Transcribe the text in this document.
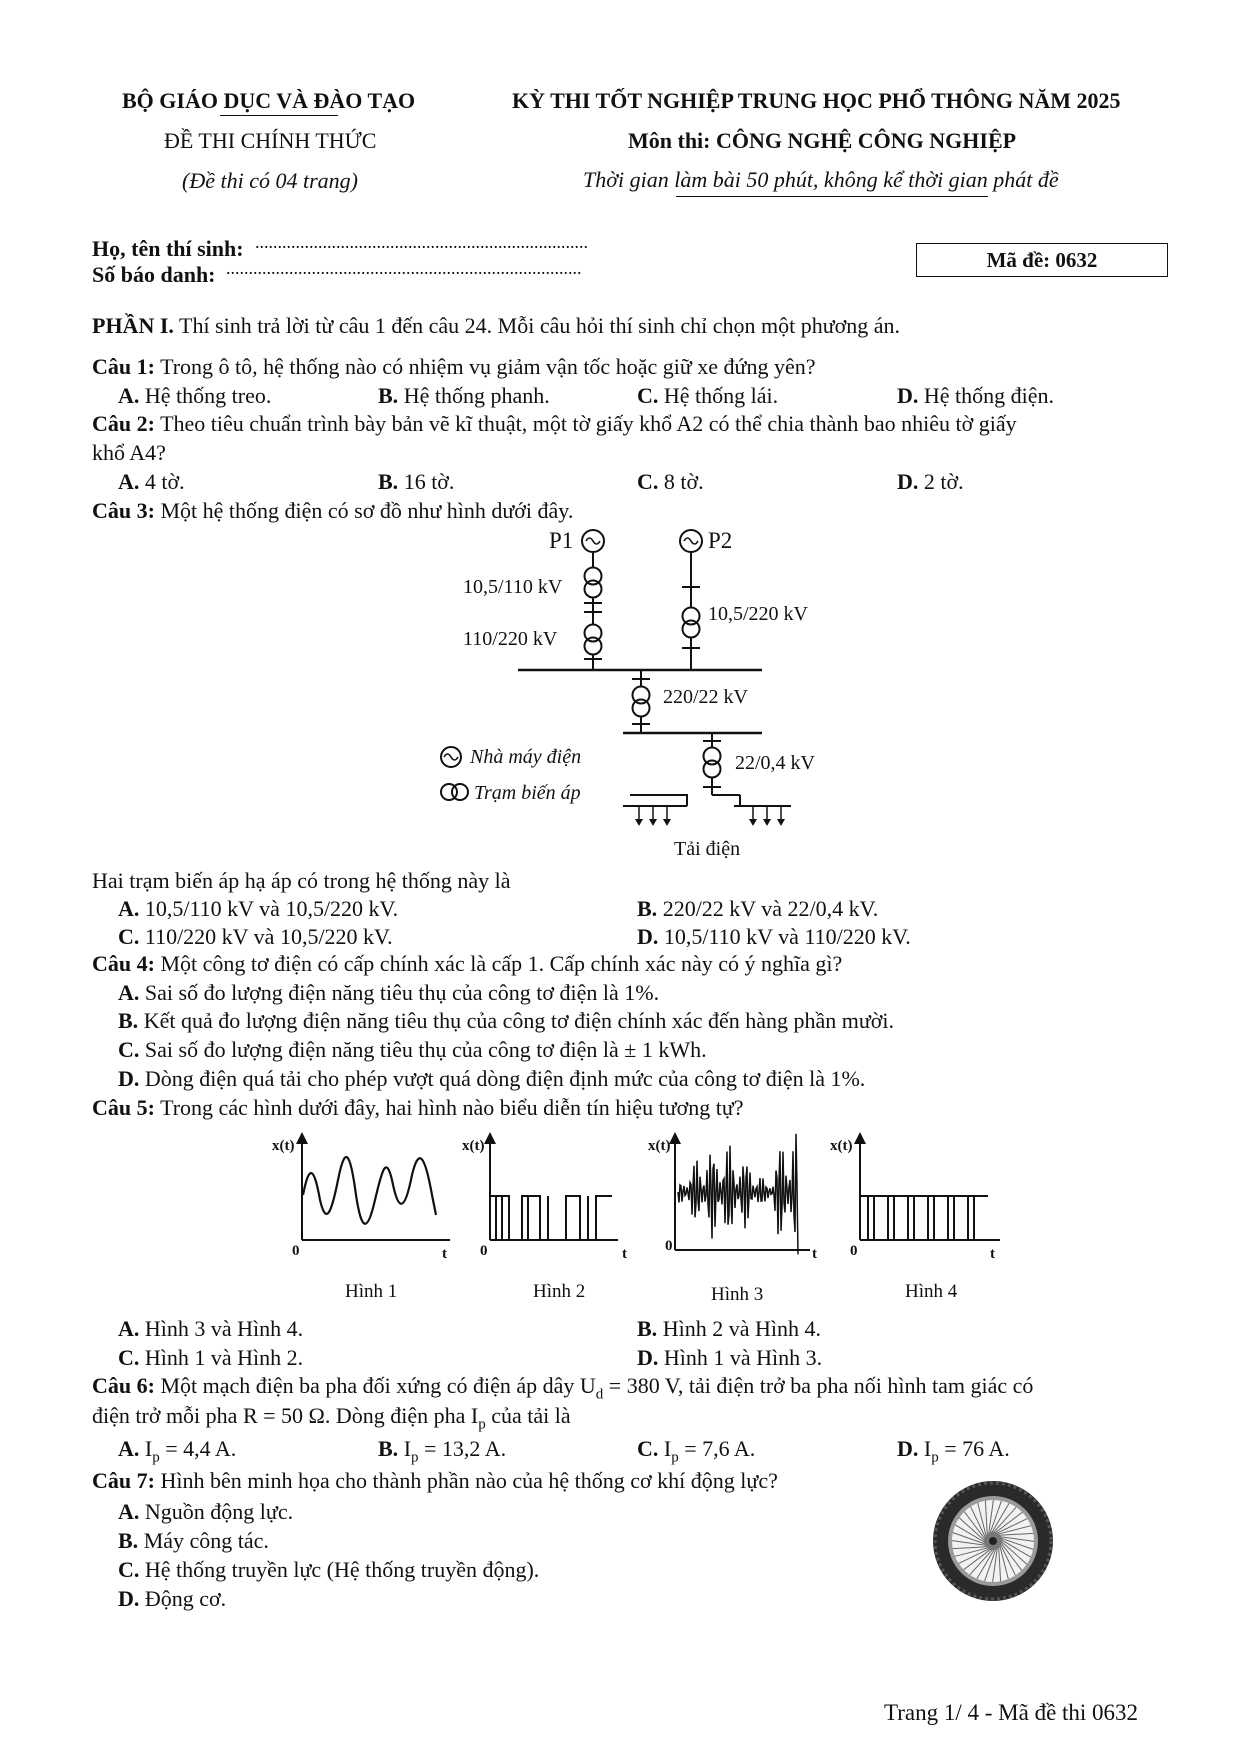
BỘ GIÁO DỤC VÀ ĐÀO TẠO
ĐỀ THI CHÍNH THỨC
(Đề thi có 04 trang)
KỲ THI TỐT NGHIỆP TRUNG HỌC PHỔ THÔNG NĂM 2025
Môn thi: CÔNG NGHỆ CÔNG NGHIỆP
Thời gian làm bài 50 phút, không kể thời gian phát đề
Họ, tên thí sinh: ..........................................................................
Số báo danh: ...............................................................................	Mã đề: 0632
PHẦN I. Thí sinh trả lời từ câu 1 đến câu 24. Mỗi câu hỏi thí sinh chỉ chọn một phương án.
Câu 1: Trong ô tô, hệ thống nào có nhiệm vụ giảm vận tốc hoặc giữ xe đứng yên?
A. Hệ thống treo.	B. Hệ thống phanh.	C. Hệ thống lái.	D. Hệ thống điện.
Câu 2: Theo tiêu chuẩn trình bày bản vẽ kĩ thuật, một tờ giấy khổ A2 có thể chia thành bao nhiêu tờ giấy
khổ A4?
A. 4 tờ.	B. 16 tờ.	C. 8 tờ.	D. 2 tờ.
Câu 3: Một hệ thống điện có sơ đồ như hình dưới đây.
P1	P2
10,5/110 kV
110/220 kV
10,5/220 kV
220/22 kV
22/0,4 kV
Nhà máy điện
Trạm biến áp
Tải điện
Hai trạm biến áp hạ áp có trong hệ thống này là
A. 10,5/110 kV và 10,5/220 kV.	B. 220/22 kV và 22/0,4 kV.
C. 110/220 kV và 10,5/220 kV.	D. 10,5/110 kV và 110/220 kV.
Câu 4: Một công tơ điện có cấp chính xác là cấp 1. Cấp chính xác này có ý nghĩa gì?
A. Sai số đo lượng điện năng tiêu thụ của công tơ điện là 1%.
B. Kết quả đo lượng điện năng tiêu thụ của công tơ điện chính xác đến hàng phần mười.
C. Sai số đo lượng điện năng tiêu thụ của công tơ điện là ± 1 kWh.
D. Dòng điện quá tải cho phép vượt quá dòng điện định mức của công tơ điện là 1%.
Câu 5: Trong các hình dưới đây, hai hình nào biểu diễn tín hiệu tương tự?
x(t)
0	t
x(t)
0	t
x(t)
0	t
x(t)
0	t
Hình 1	Hình 2	Hình 3	Hình 4
A. Hình 3 và Hình 4.	B. Hình 2 và Hình 4.
C. Hình 1 và Hình 2.	D. Hình 1 và Hình 3.
Câu 6: Một mạch điện ba pha đối xứng có điện áp dây $U_d = 380$ V, tải điện trở ba pha nối hình tam giác có
điện trở mỗi pha R = 50 Ω. Dòng điện pha $I_p$ của tải là
A. $I_p = 4,4$ A.	B. $I_p = 13,2$ A.	C. $I_p = 7,6$ A.	D. $I_p = 76$ A.
Câu 7: Hình bên minh họa cho thành phần nào của hệ thống cơ khí động lực?
A. Nguồn động lực.
B. Máy công tác.
C. Hệ thống truyền lực (Hệ thống truyền động).
D. Động cơ.
Trang 1/ 4 - Mã đề thi 0632
